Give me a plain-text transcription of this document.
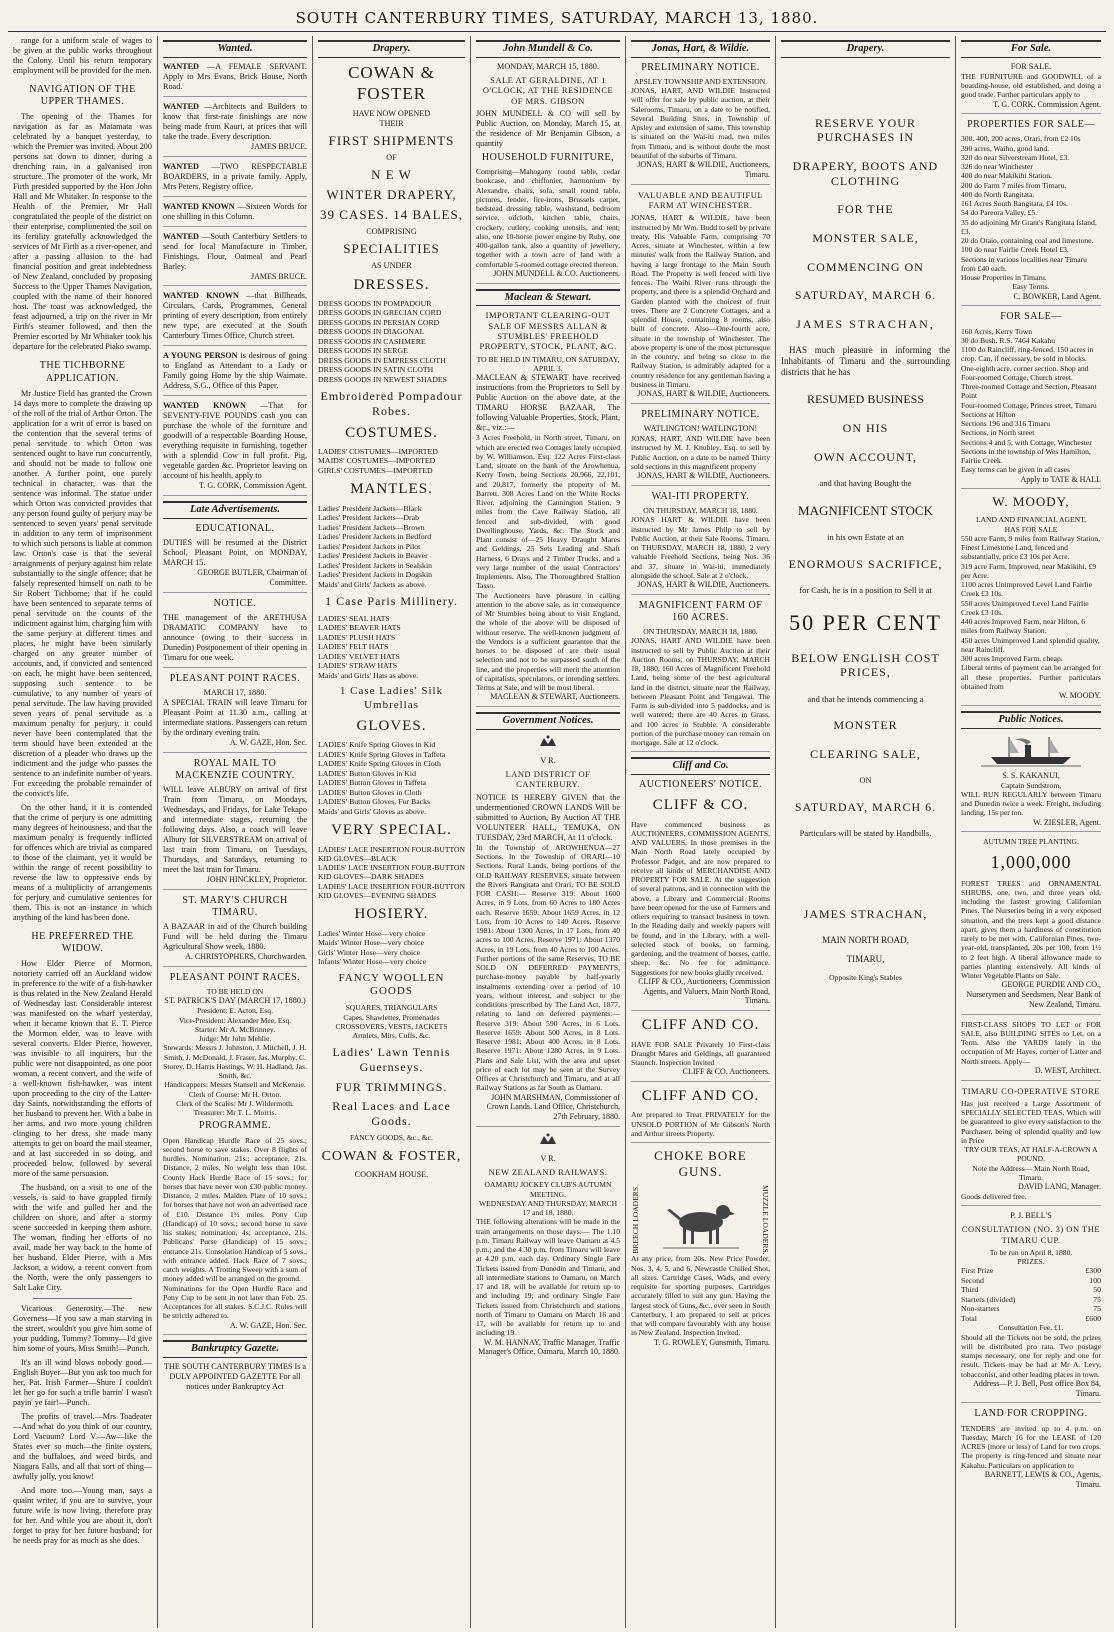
SOUTH CANTERBURY TIMES, SATURDAY, MARCH 13, 1880.

range for a uniform scale of wages to be given at the public works throughout the Colony. Until his return temporary employment will be provided for the men.

NAVIGATION OF THE UPPER THAMES.

The opening of the Thames for navigation as far as Matamata was celebrated by a banquet yesterday, to which the Premier was invited. About 200 persons sat down to dinner, during a drenching rain, in a galvanised iron structure. The promoter of the work, Mr Firth presided supported by the Hon John Hall and Mr Whitaker. In response to the Health of the Premier, Mr Hall congratulated the people of the district on their enterprise, complimented the soil on its fertility gratefully acknowledged the services of Mr Firth as a river-opener, and after a passing allusion to the bad financial position and great indebtedness of New Zealand, concluded by proposing Success to the Upper Thames Navigation, coupled with the name of their honored host. The toast was acknowledged, the feast adjourned, a trip on the river in Mr Firth's steamer followed, and then the Premier escorted by Mr Whitaker took his departure for the celebrated Piako swamp.

THE TICHBORNE APPLICATION.

Mr Justice Field has granted the Crown 14 days more to complete the drawing up of the roll of the trial of Arthur Orton. The application for a writ of error is based on the contention that the several terms of penal servitude to which Orton was sentenced ought to have run concurrently, and should not be made to follow one another. A further point, one purely technical in character, was that the sentence was informal. The statue under which Orton was convicted provides that any person found guilty of perjury may be sentenced to seven years' penal servitude in addition to any term of imprisonment to which such persons is liable at common law. Orton's case is that the several arraignments of perjury against him relate substantially to the single offence; that he falsely represented himself on oath to be Sir Robert Tichborne; that if he could have been sentenced to separate terms of penal servitude on the counts of the indictment against him, charging him with the same perjury at different times and places, he might have been similarly charged on any greater number of accounts, and, if convicted and sentenced on each, he might have been sentenced, supposing such sentence to be cumulative, to any number of years of penal servitude. The law having provided seven years of penal servitude as a maximum penalty for perjury, it could never have been contemplated that the term should have been extended at the discretion of a pleader who draws up the indictment and the judge who passes the sentence to an indefinite number of years. For exceeding the probable remainder of the convict's life.

On the other hand, it it is contended that the crime of perjury is one admitting many degrees of heinousness, and that the maximum penalty is frequently inflicted for offences which are trivial as compared to those of the claimant, yet it would be within the range of recent possibility to reverse the law to oppressive ends by means of a multiplicity of arrangements for perjury and cumulative sentences for them. This is not an instance in which anything of the kind has been done.

HE PREFERRED THE WIDOW.

How Elder Pierce of Mormon, notoriety carried off an Auckland widow in preference to the wife of a fish-hawker is thus related in the New Zealand Herald of Wednesday last. Considerable interest was manifested on the wharf yesterday, when it became known that E. T. Pierce the Mormon elder, was to leave with several converts. Elder Pierce, however, was invisible to all inquirers, but the public were not disappointed, as one poor woman, a recent convert, and the wife of a well-known fish-hawker, was intent upon proceeding to the city of the Latter-day Saints, notwithstanding the efforts of her husband to prevent her. With a babe in her arms, and two more young children clinging to her dress, she made many attempts to get on board the mail steamer, and at last succeeded in so doing, and proceeded below, followed by several more of the same persuasion.

The husband, on a visit to one of the vessels, is said to have grappled firmly with the wife and pulled her and the children on shore, and after a stormy scene succeeded in keeping them ashore. The woman, finding her efforts of no avail, made her way back to the home of her husband. Elder Pierce, with a Mrs Jackson, a widow, a recent convert from the North, were the only passengers to Salt Lake City.

Vicarious Generosity.—The new Governess—If you saw a man starving in the street, wouldn't you give him some of your pudding, Tommy? Tommy—I'd give him some of yours, Miss Smith!—Punch.

It's an ill wind blows nobody good.—English Buyer—But you ask too much for her, Pat. Irish Farmer—Shure I couldn't let her go for such a trifle barrin' I wasn't payin' ye fair!—Punch.

The profits of travel.—Mrs Toadeater—And what do you think of our country, Lord Vacuum? Lord V.—Aw—like the States ever so much—the finite oysters, and the buffaloes, and weed birds, and Niagara Falls, and all that sort of thing—awfully jolly, you know!

And more too.—Young man, says a quaint writer, if you are to survive, your future wife is now living, therefore pray for her. And while you are about it, don't forget to pray for her future husband; for he needs pray for as much as she does.

Wanted.

WANTED —A FEMALE SERVANT. Apply to Mrs Evans, Brick House, North Road.

WANTED —Architects and Builders to know that first-rate finishings are now being made from Kauri, at prices that will take the trade. Every description.

JAMES BRUCE.

WANTED —TWO RESPECTABLE BOARDERS, in a private family. Apply, Mrs Peters, Registry office.

WANTED KNOWN —Sixteen Words for one shilling in this Column.

WANTED —South Canterbury Settlers to send for local Manufacture in Timber, Finishings, Flour, Oatmeal and Pearl Barley.

JAMES BRUCE.

WANTED KNOWN —that Billheads, Circulars, Cards, Programmes, General printing of every description, from entirely new type, are executed at the South Canterbury Times Office, Church street.

A YOUNG PERSON is desirous of going to England as Attendant to a Lady or Family going Home by the ship Waimate. Address, S.G., Office of this Paper.

WANTED KNOWN —That for SEVENTY-FIVE POUNDS cash you can purchase the whole of the furniture and goodwill of a respectable Boarding House, everything requisite in furnishing, together with a splendid Cow in full profit. Pig, vegetable garden &c. Proprietor leaving on account of his health, apply to

T. G. CORK, Commission Agent.
Late Advertisements.
EDUCATIONAL.

DUTIES will be resumed at the District School, Pleasant Point, on MONDAY, MARCH 15.

GEORGE BUTLER, Chairman of Committee.
NOTICE.

THE management of the ARETHUSA DRAMATIC COMPANY have to announce (owing to their success in Dunedin) Postponement of their opening in Timaru for one week.

PLEASANT POINT RACES.
MARCH 17, 1880.

A SPECIAL TRAIN will leave Timaru for Pleasant Point at 11.30 a.m., calling at intermediate stations. Passengers can return by the ordinary evening train.

A. W. GAZE, Hon. Sec.
ROYAL MAIL TO MACKENZIE COUNTRY.

WILL leave ALBURY on arrival of first Train from Timaru, on Mondays, Wednesdays, and Fridays, for Lake Tekapo and intermediate stages, returning the following days. Also, a coach will leave Albury for SILVERSTREAM on arrival of last train from Timaru, on Tuesdays, Thursdays, and Saturdays, returning to meet the last train for Timaru.

JOHN HINCKLEY, Proprietor.
ST. MARY'S CHURCH TIMARU.

A BAZAAR in aid of the Church building Fund will be held during the Timaru Agricultural Show week, 1880.

A. CHRISTOPHERS, Churchwarden.
PLEASANT POINT RACES.
TO BE HELD ON
ST. PATRICK'S DAY (MARCH 17, 1880.)
President: E. Acton, Esq.
Vice-President: Alexander Mee, Esq.
Starter: Mr A. McBrinney.
Judge: Mr John Mehlie.
Stewards: Messrs J. Johnston, J. Mitchell, J. H. Smith, J. McDonald, J. Fraser, Jas. Murphy, C. Storey, D. Harris Hastings, W. H. Hadland, Jas. Smith, &c.
Handicappers: Messrs Stansell and McKenzie.
Clerk of Course: Mr H. Orton.
Clerk of the Scales: Mr J. Wildermoth.
Treasurer: Mr T. L. Morris.
PROGRAMME.

Open Handicap Hurdle Race of 25 sovs.; second horse to save stakes. Over 8 flights of hurdles. Nomination, 21s.; acceptance, 21s. Distance, 2 miles. No weight less than 10st. County Hack Hurdle Race of 15 sovs.; for horses that have never won £30 public money. Distance, 2 miles. Maiden Plate of 10 sovs.; for horses that have not won an advertised race of £10. Distance 1½ miles. Pony Cup (Handicap) of 10 sovs.; second horse to save his stakes; nomination, 4s; acceptance, 21s. Publicans' Purse (Handicap) of 15 sovs.; entrance 21s. Consolation Handicap of 5 sovs., with entrance added. Hack Race of 7 sovs.; catch weights. A Trotting Sweep with a sum of money added will be arranged on the ground.

Nominations for the Open Hurdle Race and Pony Cup to be sent in not later than Feb. 25. Acceptances for all stakes. S.C.J.C. Rules will be strictly adhered to.

A. W. GAZE, Hon. Sec.
Bankruptcy Gazette.

THE SOUTH CANTERBURY TIMES Is a DULY APPOINTED GAZETTE For all notices under Bankruptcy Act

Drapery.
COWAN & FOSTER
HAVE NOW OPENED
THEIR
FIRST SHIPMENTS
OF
N E W
WINTER DRAPERY,
39 CASES. 14 BALES,
COMPRISING
SPECIALITIES
AS UNDER
DRESSES.
DRESS GOODS IN POMPADOUR
DRESS GOODS IN GRECIAN CORD
DRESS GOODS IN PERSIAN CORD
DRESS GOODS IN DIAGONAL
DRESS GOODS IN CASHMERE
DRESS GOODS IN SERGE
DRESS GOODS IN EMPRESS CLOTH
DRESS GOODS IN SATIN CLOTH
DRESS GOODS IN NEWEST SHADES
Embroidered Pompadour Robes.
COSTUMES.
LADIES' COSTUMES—IMPORTED
MAIDS' COSTUMES—IMPORTED
GIRLS' COSTUMES—IMPORTED
MANTLES.
Ladies' President Jackets—Black
Ladies' President Jackets—Drab
Ladies' President Jackets—Brown
Ladies' President Jackets in Bedford
Ladies' President Jackets in Pilot
Ladies' President Jackets in Beaver
Ladies' President Jackets in Sealskin
Ladies' President Jackets in Dogskin
Maids' and Girls' Jackets as above.
1 Case Paris Millinery.
LADIES' SEAL HATS
LADIES' BEAVER HATS
LADIES' PLUSH HATS
LADIES' FELT HATS
LADIES' VELVET HATS
LADIES' STRAW HATS
Maids' and Girls' Hats as above.
1 Case Ladies' Silk Umbrellas
GLOVES.
LADIES' Knife Spring Gloves in Kid
LADIES' Knife Spring Gloves in Taffeta
LADIES' Knife Spring Gloves in Cloth
LADIES' Button Gloves in Kid
LADIES' Button Gloves in Taffeta
LADIES' Button Gloves in Cloth
LADIES' Button Gloves, Fur Backs
Maids' and Girls' Gloves as above.
VERY SPECIAL.
LADIES' LACE INSERTION FOUR-BUTTON KID GLOVES—BLACK
LADIES' LACE INSERTION FOUR-BUTTON KID GLOVES—DARK SHADES
LADIES' LACE INSERTION FOUR-BUTTON KID GLOVES—EVENING SHADES
HOSIERY.
Ladies' Winter Hose—very choice
Maids' Winter Hose—very choice
Girls' Winter Hose—very choice
Infants' Winter Hose—very choice
FANCY WOOLLEN GOODS
SQUARES, TRIANGULARS
Capes, Shawlettes, Promenades
CROSSOVERS, VESTS, JACKETS
Armlets, Mits, Cuffs, &c.
Ladies' Lawn Tennis Guernseys.
FUR TRIMMINGS.
Real Laces and Lace Goods.
FANCY GOODS, &c., &c.
COWAN & FOSTER,
COOKHAM HOUSE.
John Mundell & Co.
MONDAY, MARCH 15, 1880.
SALE AT GERALDINE, AT 1 O'CLOCK, AT THE RESIDENCE OF MRS. GIBSON

JOHN MUNDELL & CO will sell by Public Auction, on Monday, March 15, at the residence of Mr Benjamin Gibson, a quantity

HOUSEHOLD FURNITURE,

Comprising—Mahogany round table, cedar bookcase, and chiffonier, harmonium by Alexandre, chairs, sofa, small round table, pictures, fender, fire-irons, Brussels carpet, bedstead dressing table, washstand, bedroom service, oilcloth, kitchen table, chairs, crockery, cutlery, cooking utensils, and tent; also, one 10-horse power engine by Ruby, one 400-gallon tank, also a quantity of jewellery, together with a town acre of land with a comfortable 5-roomed cottage erected thereon.

JOHN MUNDELL & CO. Auctioneers.
Maclean & Stewart.
IMPORTANT CLEARING-OUT SALE OF MESSRS ALLAN & STUMBLES' FREEHOLD PROPERTY, STOCK, PLANT, &C.
TO BE HELD IN TIMARU, ON SATURDAY, APRIL 3.

MACLEAN & STEWART have received instructions from the Proprietors to Sell by Public Auction on the above date, at the TIMARU HORSE BAZAAR, The following Valuable Properties, Stock, Plant, &c., viz.:—

3 Acres Freehold, in North street, Timaru, on which are erected two Cottages lately occupied by W. Williamson, Esq. 122 Acres First-class Land, situate on the bank of the Arowhenua, Kerry Town, being Sections 20,966, 22,101, and 20,817, formerly the property of M. Barrett. 308 Acres Land on the White Rocks River, adjoining the Cannington Station, 9 miles from the Cave Railway Station, all fenced and sub-divided, with good Dwellinghouse, Yards, &c. The Stock and Plant consist of—25 Heavy Draught Mares and Geldings, 25 Sets Leading and Shaft Harness, 6 Drays and 2 Timber Trucks, and a very large number of the usual Contractors' Implements. Also, The Thoroughbred Stallion Tasso.

The Auctioneers have pleasure in calling attention to the above sale, as in consequence of Mr Stumbles being about to visit England, the whole of the above will be disposed of without reserve. The well-known judgment of the Vendors is a sufficient guarantee that the horses to be disposed of are their usual selection and not to be surpassed south of the line, and the properties will merit the attention of capitalists, speculators, or intending settlers. Terms at Sale, and will be most liberal.

MACLEAN & STEWART, Auctioneers.
Government Notices.
V R.
LAND DISTRICT OF CANTERBURY.

NOTICE IS HEREBY GIVEN that the undermentioned CROWN LANDS Will be submitted to Auction, By Auction AT THE VOLUNTEER HALL, TEMUKA, ON TUESDAY, 23rd MARCH, At 11 o'clock.

In the Township of AROWHENUA—27 Sections. In the Township of ORARI—10 Sections. Rural Lands, being portions of the OLD RAILWAY RESERVES, situate between the Rivers Rangitata and Orari, TO BE SOLD FOR CASH:— Reserve 319: About 1600 Acres, in 9 Lots, from 60 Acres to 180 Acres each. Reserve 1659: About 1659 Acres, in 12 Lots, from 10 Acres to 140 Acres. Reserve 1981: About 1300 Acres, in 17 Lots, from 40 acres to 100 Acres. Reserve 1971: About 1370 Acres, in 19 Lots, from 40 Acres to 100 Acres. Further portions of the same Reserves, TO BE SOLD ON DEFERRED PAYMENTS, purchase-money payable by half-yearly instalments extending over a period of 10 years, without interest, and subject to the conditions prescribed by The Land Act, 1877, relating to land on deferred payments:— Reserve 319: About 590 Acres, in 6 Lots. Reserve 1659: About 500 Acres, in 8 Lots. Reserve 1981: About 400 Acres, in 8 Lots. Reserve 1971: About 1280 Acres, in 9 Lots. Plans and Sale List, with the area and upset price of each lot may be seen at the Survey Offices at Christchurch and Timaru, and at all Railway Stations as far South as Oamaru.

JOHN MARSHMAN, Commissioner of Crown Lands. Land Office, Christchurch, 27th February, 1880.
V R.
NEW ZEALAND RAILWAYS.
OAMARU JOCKEY CLUB'S AUTUMN MEETING.
WEDNESDAY AND THURSDAY, MARCH 17 and 18, 1880.

THE following alterations will be made in the train arrangements on those days:— The 1.10 p.m. Timaru Railway will leave Oamaru at 4.5 p.m.; and the 4.30 p.m. from Timaru will leave at 4.20 p.m. each day. Ordinary Single Fare Tickets issued from Dunedin and Timaru, and all intermediate stations to Oamaru, on March 17 and 18, will be available for return up to and including 19; and ordinary Single Fare Tickets issued from Christchurch and stations north of Timaru to Oamaru on March 16 and 17, will be available for return up to and including 19.

W. M. HANNAY, Traffic Manager. Traffic Manager's Office, Oamaru, March 10, 1880.
Jonas, Hart, & Wildie.
PRELIMINARY NOTICE.
APSLEY TOWNSHIP AND EXTENSION.

JONAS, HART, AND WILDIE Instructed will offer for sale by public auction, at their Salerooms, Timaru, on a date to be notified, Several Building Sites, in Township of Apsley and extension of same. This township is situated on the Wai-iti road, two miles from Timaru, and is without doubt the most beautiful of the suburbs of Timaru.

JONAS, HART & WILDIE, Auctioneers, Timaru.
VALUABLE AND BEAUTIFUL FARM AT WINCHESTER.

JONAS, HART & WILDIE, have been instructed by Mr Wm. Budd to sell by private treaty, His Valuable Farm, comprising 70 Acres, situate at Winchester, within a few minutes' walk from the Railway Station, and having a large frontage to the Main South Road. The Property is well fenced with live fences. The Waihi River runs through the property, and there is a splendid Orchard and Garden planted with the choicest of fruit trees. There are 2 Concrete Cottages, and a splendid House, containing 8 rooms, also built of concrete. Also—One-fourth acre, situate in the township of Winchester. The above property is one of the most picturesque in the country, and being so close to the Railway Station, is admirably adapted for a country residence for any gentleman having a business in Timaru.

JONAS, HART & WILDIE, Auctioneers.
PRELIMINARY NOTICE.
WATLINGTON! WATLINGTON!

JONAS, HART, AND WILDIE have been instructed by M. J. Knubley, Esq. to sell by Public Auction, on a date to be named Thirty sold sections in this magnificent property

JONAS, HART & WILDIE, Auctioneers.
WAI-ITI PROPERTY.
ON THURSDAY, MARCH 18, 1880.

JONAS HART & WILDIE have been instructed by Mr James Philp to sell by Public Auction, at their Sale Rooms, Timaru, on THURSDAY, MARCH 18, 1880, 2 very valuable Freehold Sections, being Nos. 36 and 37, situate in Wai-iti, immediately alongside the school. Sale at 2 o'clock.

JONAS, HART & WILDIE, Auctioneers.
MAGNIFICENT FARM OF 160 ACRES.
ON THURSDAY, MARCH 18, 1880.

JONAS, HART AND WILDIE have been instructed to sell by Public Auction at their Auction Rooms, on THURSDAY, MARCH 18, 1880, 160 Acres of Magnificent Freehold Land, being some of the best agricultural land in the district, situate near the Railway, between Pleasant Point and Tengawai. The Farm is sub-divided into 5 paddocks, and is well watered; there are 40 Acres in Grass, and 100 acres in Stubble. A considerable portion of the purchase money can remain on mortgage. Sale at 12 o'clock.

Cliff and Co.
AUCTIONEERS' NOTICE.
CLIFF & CO.

Have commenced business as AUCTIONEERS, COMMISSION AGENTS, AND VALUERS, In those premises in the Main North Road lately occupied by Professor Padget, and are now prepared to receive all kinds of MERCHANDISE AND PROPERTY FOR SALE. At the suggestion of several patrons, and in connection with the above, a Library and Commercial Rooms have been opened for the use of Farmers and others requiring to transact business in town. In the Reading daily and weekly papers will be found, and in the Library, with a well-selected stock of books, on farming, gardening, and the treatment of horses, cattle, sheep, &c. No fee for admittance. Suggestions for new books gladly received.

CLIFF & CO., Auctioneers, Commission Agents, and Valuers, Main North Road, Timaru.
CLIFF AND CO.

HAVE FOR SALE Privately 10 First-class Draught Mares and Geldings, all guaranteed Staunch. Inspection Invited

CLIFF & CO. Auctioneers.
CLIFF AND CO.

Are prepared to Treat PRIVATELY for the UNSOLD PORTION of Mr Gibson's North and Arthur streets Property.

CHOKE BORE GUNS.
BREECH LOADERS.	MUZZLE LOADERS.

At any price, from 20s. New Price Powder, Nos. 3, 4, 5, and 6, Newcastle Chilled Shot, all sizes. Cartridge Cases, Wads, and every requisite for sporting purposes. Cartridges accurately filled to suit any gun. Having the largest stock of Guns, &c., ever seen in South Canterbury, I am prepared to sell at prices that will compare favourably with any house in New Zealand. Inspection Invited.

T. G. ROWLEY, Gunsmith, Timaru.
Drapery.
RESERVE YOUR PURCHASES IN
DRAPERY, BOOTS AND CLOTHING
FOR THE
MONSTER SALE,
COMMENCING ON
SATURDAY, MARCH 6.
JAMES STRACHAN,

HAS much pleasure in informing the Inhabitants of Timaru and the surrounding districts that he has

RESUMED BUSINESS
ON HIS
OWN ACCOUNT,
and that having Bought the
MAGNIFICENT STOCK
in his own Estate at an
ENORMOUS SACRIFICE,
for Cash, he is in a position to Sell it at
50 PER CENT
BELOW ENGLISH COST PRICES,
and that he intends commencing a
MONSTER
CLEARING SALE,
ON
SATURDAY, MARCH 6.
Particulars will be stated by Handbills.
JAMES STRACHAN,
MAIN NORTH ROAD,
TIMARU,
Opposite King's Stables
For Sale.
FOR SALE.

THE FURNITURE and GOODWILL of a boarding-house, old established, and doing a good trade. Further particulars apply to

T. G. CORK. Commission Agent.
PROPERTIES FOR SALE—
300, 400, 200 acres, Orari, from £2 10s
390 acres, Waiho, good land.
320 do near Silverstream Hotel, £3.
326 do near Winchester
400 do near Makikihi Station.
200 do Farm 7 miles from Timaru.
400 do North Rangitata.
161 Acres South Rangitata, £4 10s.
54 do Pareora Valley, £5.
35 do adjoining Mr Grant's Rangitata Island, £3.
20 do Otaio, containing coal and limestone.
100 do near Fairlie Creek Hotel £3.
Sections in various localities near Timaru from £40 each.
House Properties in Timaru.
Easy Terms.
C. BOWKER, Land Agent.
FOR SALE—
160 Acres, Kerry Town
30 do Bush, R.S. 7464 Kakahu
1100 do Raincliff, ring-fenced. 150 acres in crop. Can, if necessary, be sold in blocks.
One-eighth acre, corner section. Shop and Four-roomed Cottage, Church street.
Three-roomed Cottage and Section, Pleasant Point
Four-roomed Cottage, Princes street, Timaru
Sections at Hilton
Sections 196 and 316 Timaru
Sections, in North street
Sections 4 and 5, with Cottage, Winchester
Sections in the township of Wes Hamilton, Fairlie Creek.
Easy terms can be given in all cases
Apply to TATE & HALL
W. MOODY,
LAND AND FINANCIAL AGENT,
HAS FOR SALE
550 acre Farm, 9 miles from Railway Station, Finest Limestone Land, fenced and substantially, price £3 10s per Acre.
319 acre Farm, Improved, near Makikihi, £9 per Acre.
1100 acres Unimproved Level Land Fairlie Creek £3 10s.
550 acres Unimproved Level Land Fairlie Creek £3 10s.
440 acres Improved Farm, near Hilton, 6 miles from Railway Station.
450 acres Unimproved Land splendid quality, near Raincliff.
300 acres Improved Farm, cheap.

Liberal terms of payment can be arranged for all these properties. Further particulars obtained from

W. MOODY.
Public Notices.
S. S. KAKANUI,
Captain Sundstrom,

WILL RUN REGULARLY between Timaru and Dunedin twice a week. Freight, including landing, 15s per ton.

W. ZIESLER, Agent.
AUTUMN TREE PLANTING.
1,000,000

FOREST TREES and ORNAMENTAL SHRUBS, one, two, and three years old, including the fastest growing Californian Pines. The Nurseries being in a very exposed situation, and the trees kept a good distance apart, gives them a hardiness of constitution rarely to be met with. Californian Pines, two-year-old, transplanted, 20s per 100, from 1½ to 2 feet high. A liberal allowance made to parties planting extensively. All kinds of Winter Vegetable Plants on Sale.

GEORGE PURDIE AND CO., Nurserymen and Seedsmen, Near Bank of New Zealand, Timaru.

FIRST-CLASS SHOPS TO LET or FOR SALE, also BUILDING SITES to Let, on a Term. Also the YARDS lately in the occupation of Mr Hayes, corner of Latter and North streets. Apply—

D. WEST, Architect.
TIMARU CO-OPERATIVE STORE

Has just received a Large Assortment of SPECIALLY SELECTED TEAS, Which will be guaranteed to give every satisfaction to the Purchaser, being of splendid quality and low in Price

TRY OUR TEAS, AT HALF-A-CROWN A POUND.
Note the Address— Main North Road, Timaru.
DAVID LANG, Manager.
Goods delivered free.
P. J. BELL'S
CONSULTATION (NO. 3) ON THE TIMARU CUP.
To be run on April 8, 1880.
PRIZES.
First Prize	£300
Second	100
Third	50
Starters (divided)	75
Non-starters	75
Total	£600
Consultation Fee, £1.

Should all the Tickets not be sold, the prizes will be distributed pro rata. Two postage stamps necessary, one for reply and one for result. Tickets may be had at Mr A. Levy, tobacconist, and other leading places in town.

Address—P. J. Bell, Post office Box 84, Timaru.
LAND FOR CROPPING.

TENDERS are invited up to 4 p.m. on Tuesday, March 16 for the LEASE of 120 ACRES (more or less) of Land for two crops. The property is ring-fenced and situate near Kakahu. Particulars on application to

BARNETT, LEWIS & CO., Agents, Timaru.
